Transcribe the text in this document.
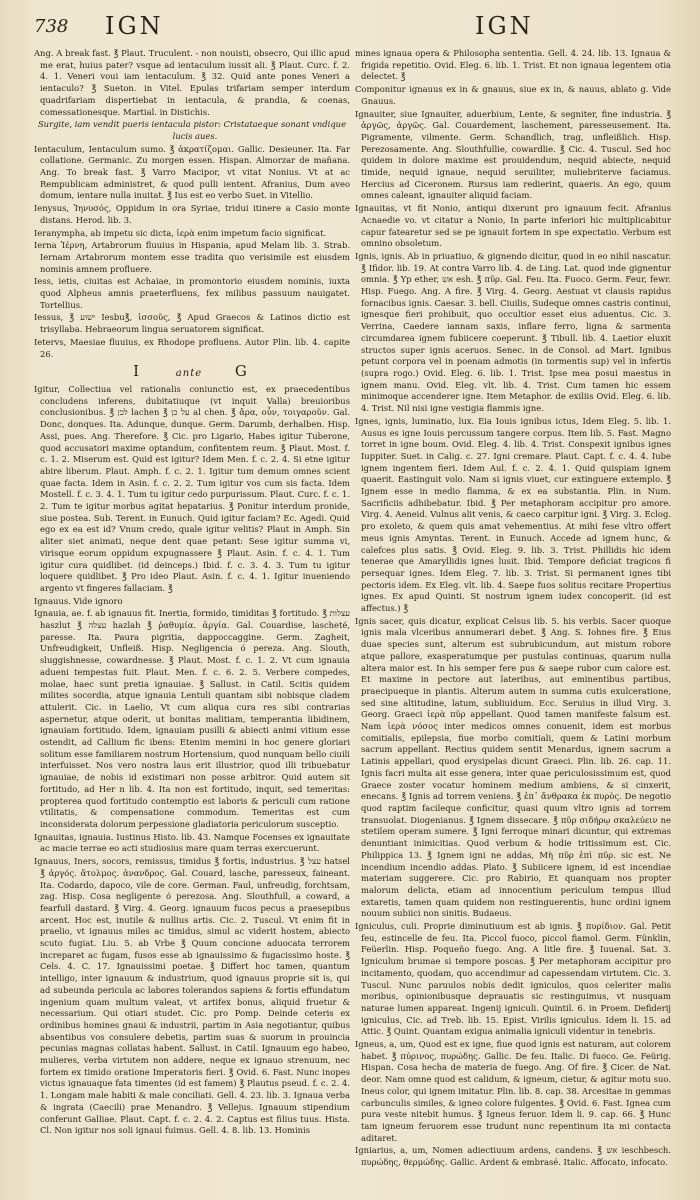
738 IGN	IGN

Ang. A break fast. ℥ Plaut. Truculent. - non nouisti, obsecro, Qui illic apud me erat, huius pater? vsque ad ientaculum iussit ali. ℥ Plaut. Curc. f. 2. 4. 1. Veneri voui iam ientaculum. ℥ 32. Quid ante pones Veneri a ientaculo? ℥ Sueton. in Vitel. Epulas trifariam semper interdum quadrifariam dispertiebat in ientacula, & prandia, & coenas, comessationesque. Martial. in Distichis.

Surgite, iam vendit pueris ientacula pistor: Cristataeque sonant vndique lucis aues.

Ientaculum, Ientaculum sumo. ℥ ἀκρατίζομαι. Gallic. Desieuner. Ita. Far collatione. Germanic. Zu morgen essen. Hispan. Almorzar de mañana. Ang. To break fast. ℥ Varro Macipor, vt vitat Nonius. Vt at ac Rempublicam administret, & quod pulli ientent. Afranius, Dum aveo domum, ientare nulla inuitat. ℥ Ius est eo verbo Suet. in Vitellio.

Ienysus, Ἰηνυσός, Oppidum in ora Syriae, tridui itinere a Casio monte distans. Herod. lib. 3.

Ieranympha, ab impetu sic dicta, ἱερὰ enim impetum facio significat.

Ierna Ἰέρνη, Artabrorum fluuius in Hispania, apud Melam lib. 3. Strab. Iernam Artabrorum montem esse tradita quo verisimile est eiusdem nominis amnem profluere.

Iess, ietis, ciuitas est Achaiae, in promontorio eiusdem nominis, iuxta quod Alpheus amnis praeterfluens, fex milibus passuum nauigatet. Tortellius.

Iessus, ℥ ישוע Iesbu℥, ἰσσοῦς, ℥ Apud Graecos & Latinos dictio est trisyllaba. Hebraeorum lingua seruatorem significat.

Ietervs, Maesiae fluuius, ex Rhodope profluens. Autor Plin. lib. 4. capite 26.

I	ante G

Igitur, Collectiua vel rationalis coniunctio est, ex praecedentibus concludens inferens, dubitatiuque (vt inquit Valla) breuioribus conclusionibus. ℥ לכן lachen ℥ על כן al chen. ℥ ἄρα, οὖν, τοιγαροῦν. Gal. Donc, donques. Ita. Adunque, dunque. Germ. Darumb, derhalben. Hisp. Assi, pues. Ang. Therefore. ℥ Cic. pro Ligario, Habes igitur Tuberone, quod accusatori maxime optandum, confitentem reum. ℥ Plaut. Most. f. c. 1. 2. Miserum est. Quid est igitur? Idem Men. f. c. 2. 4. Si etne igitur abire liberum. Plaut. Amph. f. c. 2. 1. Igitur tum demum omnes scient quae facta. Idem in Asin. f. c. 2. 2. Tum igitur vos cum sis facta. Idem Mostell. f. c. 3. 4. 1. Tum tu igitur cedo purpurissum. Plaut. Curc. f. c. 1. 2. Tum te igitur morbus agitat hepatarius. ℥ Ponitur interdum pronide, siue postea. Sub. Terent. in Eunuch. Quid igitur faciam? Ec. Agedi. Quid ego ex ea est id? Vnum credo, quale igitur velitis? Plaut in Amph. Sin aliter siet animati, neque dent quae petant: Sese igitur summa vi, virisque eorum oppidum expugnassere ℥ Plaut. Asin. f. c. 4. 1. Tum igitur cura quidlibet. (id deinceps.) Ibid. f. c. 3. 4. 3. Tum tu igitur loquere quidlibet. ℥ Pro ideo Plaut. Asin. f. c. 4. 1. Igitur inueniendo argento vt fingeres fallaciam. ℥

Ignauus. Vide ignoro

Ignauia, ae. f. ab ignauus fit. Inertia, formido, timiditas ℥ fortitudo. ℥ עצלות haszlut ℥ עצלה hazlah ℥ ῥαθυμία. ἀργία. Gal. Couardise, lascheté, paresse. Ita. Paura pigritia, dappoccaggine. Germ. Zagheit, Unfreudigkeit, Unfleiß. Hisp. Negligencia ó pereza. Ang. Slouth, sluggishnesse, cowardnesse. ℥ Plaut. Most. f. c. 1. 2. Vt cum ignauia adueni tempestas fuit. Plaut. Men. f. c. 6. 2. 5. Verbere compedes, molae, haec sunt pretia ignauiae. ℥ Sallust. in Catil. Scitis quidem milites socordia, atque ignauia Lentuli quantam sibi nobisque cladem attulerit. Cic. in Laelio, Vt cum aliqua cura res sibi contrarias aspernetur, atque oderit, ut bonitas malitiam, temperantia libidinem, ignauiam fortitudo. Idem, ignauiam pusilli & abiecti animi vitium esse ostendit, ad Callium fic ibens: Etenim memini in hoc genere gloriari solitum esse familiarem nostrum Hortensium, quod nunquam bello ciuili interfuisset. Nos vero nostra laus erit illustrior, quod illi tribuebatur ignauiae, de nobis id existimari non posse arbitror. Quid autem sit fortitudo, ad Her n lib. 4. Ita non est fortitudo, inquit, sed temeritas: propterea quod fortitudo contemptio est laboris & periculi cum ratione vtilitatis, & compensatione commodum. Temeritas est cum inconsiderata dolorum perpessione gladiatoria periculorum susceptio.

Ignauitas, ignauia. Iustinus Histo. lib. 43. Namque Focenses ex ignauitate ac macie terrae eo acti studiosius mare quam terras exercuerunt.

Ignauus, Iners, socors, remissus, timidus ℥ fortis, industrius. ℥ עצל hatsel ℥ ἀργός. ἄτολμος. ἀνανδρος. Gal. Couard, lasche, paresseux, faineant. Ita. Codardo, dapoco, vile de core. German. Faul, unfreudig, forchtsam, zag. Hisp. Cosa negligente ó perezosa. Ang. Slouthfull, a coward, a fearfull dastard. ℥ Virg. 4. Georg. ignauum fucos pecus a praesepibus arcent. Hoc est, inutile & nullius artis. Cic. 2. Tuscul. Vt enim fit in praelio, vt ignauus miles ac timidus, simul ac viderit hostem, abiecto scuto fugiat. Liu. 5. ab Vrbe ℥ Quum concione aduocata terrorem increparet ac fugam, fusos esse ab ignauissimo & fugacissimo hoste. ℥ Cels. 4. C. 17. Ignauissimi poetae. ℥ Differt hoc tamen, quantum intelligo, inter ignauum & industrium, quod ignauus proprie sit is, qui ad subeunda pericula ac labores tolerandos sapiens & fortis effundatum ingenium quam multum valeat, vt artifex bonus, aliquid fruetur & necessarium. Qui otiari studet. Cic. pro Pomp. Deinde ceteris ex ordinibus homines gnaui & industrii, partim in Asia negotiantur, quibus absentibus vos consulere debetis, partim suas & suorum in prouincia pecunias magnas collatas habent. Sallust. in Catil. Ignauum ego habeo, mulieres, verba virtutem non addere, neque ex ignauo strenuum, nec fortem ex timido oratione Imperatoris fieri. ℥ Ovid. 6. Fast. Nunc inopes victus ignauaque fata timentes (id est famem) ℥ Plautus pseud. f. c. 2. 4. 1. Longam male habiti & male conciliati. Gell. 4. 23. lib. 3. Ignaua verba & ingrata (Caecili) prae Menandro. ℥ Vellejus. Ignauum stipendium conferunt Galliae. Plaut. Capt. f. c. 2. 4. 2. Captus est filius tuus. Hista. Cl. Non igitur nos soli ignaui fuimus. Gell. 4. 8. lib. 13. Hominis

mines ignaua opera & Philosopha sententia. Gell. 4. 24. lib. 13. Ignaua & frigida repetitio. Ovid. Eleg. 6. lib. 1. Trist. Et non ignaua legentem otia delectet. ℥

Componitur ignauus ex in & gnauus, siue ex in, & nauus, ablato g. Vide Gnauus.

Ignauiter, siue Ignauiter, aduerbium, Lente, & segniter, fine industria. ℥ ἀργῶς, ἀργῶς. Gal. Couardement, laschement, paresseusement. Ita. Pigramente, vilmente. Germ. Schandlich, trag, unfleißlich. Hisp. Perezosamente. Ang. Slouthfullie, cowardlie. ℥ Cic. 4. Tuscul. Sed hoc quidem in dolore maxime est prouidendum, nequid abiecte, nequid timide, nequid ignaue, nequid seruiliter, muliebriterve faciamus. Hercius ad Ciceronem. Rursus iam redierint, quaeris. An ego, quum omnes caleant, ignauiter aliquid faciam.

Ignauitas, vt fit Nonio, antiqui dixerunt pro ignauum fecit. Afranius Acnaedie vo. vt citatur a Nonio, In parte inferiori hic multiplicabitur capur fatearetur sed se pe ignauit fortem in spe expectatio. Verbum est omnino obsoletum.

Ignis, ignis. Ab in priuatiuo, & gignendo dicitur, quod in eo nihil nascatur. ℥ Ifidor. lib. 19. At contra Varro lib. 4. de Ling. Lat. quod inde gignentur omnia. ℥ Yp ether, אש esh. ℥ πῦρ. Gal. Feu. Ita. Fuoco. Germ. Feur, fewr. Hisp. Fuego. Ang. A fire. ℥ Virg. 4. Georg. Aestuat vt clausis rapidus fornacibus ignis. Caesar. 3. bell. Ciuilis, Sudeque omnes castris continui, ignesque fieri prohibuit, quo occultior esset eius aduentus. Cic. 3. Verrina, Caedere iannam saxis, inflare ferro, ligna & sarmenta circumdarea ignem fubiicere coeperunt. ℥ Tibull. lib. 4. Laetior eluxit structos super ignis aceruos. Senec. in de Consol. ad Mart. Ignibus petunt corpora vel in poenam admotis (in tormentis sup) vel in infertis (supra rogo.) Ovid. Eleg. 6. lib. 1. Trist. Ipse mea posui maestus in ignem manu. Ovid. Eleg. vlt. lib. 4. Trist. Cum tamen hic essem minimoque accenderer igne. Item Metaphor. de exiliis Ovid. Eleg. 6. lib. 4. Trist. Nil nisi igne vestigia flammis igne.

Ignes, ignis, luminatio, lux. Eia Iouis ignibus ictus, Idem Eleg. 5. lib. 1. Ausus es igne Iouis percussum tangere corpus. Item lib. 5. Fast. Magno torret in igne boum. Ovid. Eleg. 4. lib. 4. Trist. Conspexit ignibus ignes Iuppiter. Suet. in Calig. c. 27. Igni cremare. Plaut. Capt. f. c. 4. 4. Iube ignem ingentem fieri. Idem Aul. f. c. 2. 4. 1. Quid quispiam ignem quaerit. Eastinguit volo. Nam si ignis viuet, cur extinguere extemplo. ℥ Ignem esse in medio flamma, & ex ea substantia. Plin. in Num. Sacrificiis adhibebatur. Ibid. ℥ Per metaphoram accipitur pro amore. Virg. 4. Aeneid. Vulnus alit venis, & caeco carpitur igni. ℥ Virg. 3. Eclog. pro exoleto, & quem quis amat vehementius. At mihi fese vltro offert meus ignis Amyntas. Terent. in Eunuch. Accede ad ignem hunc, & calefces plus satis. ℥ Ovid. Eleg. 9. lib. 3. Trist. Phillidis hic idem tenerae que Amaryllidis ignes lusit. Ibid. Tempore deficiat tragicos fi persequar ignes. Idem Eleg. 7. lib. 3. Trist. Si permanent ignes tibi pectoris idem. Ex Eleg. vlt. lib. 4. Saepe fuos solitus recitare Propertius ignes. Ex apud Quinti. St nostrum ignem iudex concoperit. (id est affectus.) ℥

Ignis sacer, quis dicatur, explicat Celsus lib. 5. his verbis. Sacer quoque ignis mala vlceribus annumerari debet. ℥ Ang. S. Iohnes fire. ℥ Eius duae species sunt, alterum est subrubicundum, aut mistum robore atque pallore, exasperatumque per pustulas continuas, quarum nulla altera maior est. In his semper fere pus & saepe rubor cum calore est. Et maxime in pectore aut lateribus, aut eminentibus partibus, praecipueque in plantis. Alterum autem in summa cutis exulceratione, sed sine altitudine, latum, subliuidum. Ecc. Seruius in illud Virg. 3. Georg. Graeci ἱερὰ πῦρ appellant. Quod tamen manifeste falsum est. Nam ἱερὰ νόσος inter medicos omnes conuenit, idem est morbus comitialis, epilepsia, fiue morbo comitiali, quem & Latini morbum sacrum appellant. Rectius quidem sentit Menardus, ignem sacrum a Latinis appellari, quod erysipelas dicunt Graeci. Plin. lib. 26. cap. 11. Ignis facri multa ait esse genera, inter quae periculosissimum est, quod Graece zoster vocatur hominem medium ambiens, & si cinxerit, enecans. ℥ Ignis ad torrem veniens. ℥ ἐπ᾽ ἄνθρακα ἐκ πυρὸς. De negotio quod raptim facileque conficitur, quasi quum vltro ignis ad torrem transuolat. Diogenianus. ℥ Ignem dissecare. ℥ πῦρ σιδήρῳ σκαλεύειν ne stetilem operam sumere. ℥ Igni ferroque minari dicuntur, qui extremas denuntiant inimicitias. Quod verbum & hodie tritissimum est. Cic. Philippica 13. ℥ Ignem igni ne addas, Μὴ πῦρ ἐπὶ πῦρ. sic est. Ne incendium incendio addas. Plato. ℥ Subiicere ignem, id est incendiae materiam suggerere. Cic. pro Rabirio, Et quanquam nos propter malorum delicta, etiam ad innocentium periculum tempus illud extaretis, tamen quam quidem non restinguerentis, hunc ordini ignem nouum subiici non sinitis. Budaeus.

Igniculus, culi. Proprie diminutiuum est ab ignis. ℥ πυρίδιον. Gal. Petit feu, estincelle de feu. Ita. Piccol fuoco, piccol fiamol. Germ. Fünklin, Feüerlin. Hisp. Poqueño fuego. Ang. A litle fire. ℥ Iuuenal. Sat. 3. Igniculum brumae si tempore poscas. ℥ Per metaphoram accipitur pro incitamento, quodam, quo accendimur ad capessendam virtutem. Cic. 3. Tuscul. Nunc paruulos nobis dedit igniculos, quos celeriter malis moribus, opinionibusque deprauatis sic restinguimus, vt nusquam naturae lumen appareat. Ingenij igniculi. Quintil. 6. in Proem. Defiderij igniculus, Cic. ad Treb. lib. 15. Epist. Virilis igniculus. Idem li. 15. ad Attic. ℥ Quint. Quantam exigua animalia igniculi videntur in tenebris.

Igneus, a, um, Quod est ex igne, fiue quod ignis est naturam, aut colorem habet. ℥ πύρινος, πυρώδης. Gallic. De feu. Italic. Di fuoco. Ge. Feürig. Hispan. Cosa hecha de materia de fuego. Ang. Of fire. ℥ Cicer. de Nat. deor. Nam omne quod est calidum, & igneum, cietur, & agitur motu suo. Ineus color, qui ignem imitatur. Plin. lib. 8. cap. 38. Arcesitae in gemmas carbunculis similes, & igneo colore fulgentes. ℥ Ovid. 6. Fast. Ignea cum pura veste nitebit humus. ℥ Igneus feruor. Idem li. 9. cap. 66. ℥ Hunc tam igneum feruorem esse trudunt nunc repentinum ita mi contacta aditaret.

Igniarius, a, um, Nomen adiectiuum ardens, candens. ℥ אש ieschbesch. πυρώδης, θερμώδης. Gallic. Ardent & embrasé. Italic. Affocato, infocato.
